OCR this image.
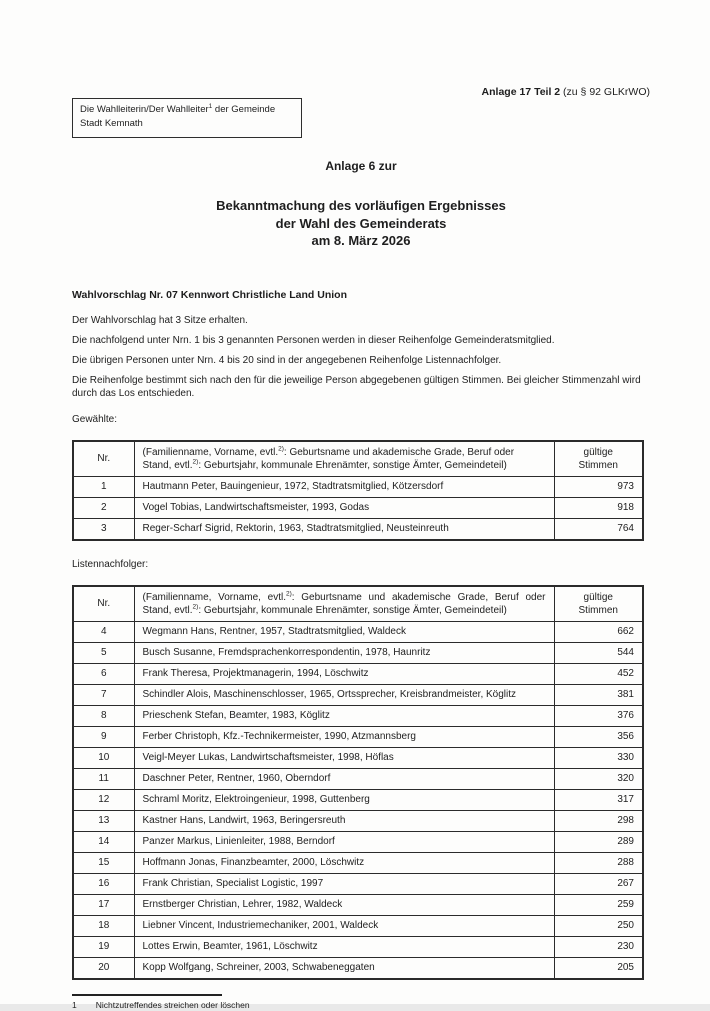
Anlage 17 Teil 2 (zu § 92 GLKrWO)
Die Wahlleiterin/Der Wahlleiter$^1$ der Gemeinde
Stadt Kemnath
Anlage 6 zur
Bekanntmachung des vorläufigen Ergebnisses
der Wahl des Gemeinderats
am 8. März 2026
Wahlvorschlag Nr. 07 Kennwort Christliche Land Union

Der Wahlvorschlag hat 3 Sitze erhalten.

Die nachfolgend unter Nrn. 1 bis 3 genannten Personen werden in dieser Reihenfolge Gemeinderatsmitglied.

Die übrigen Personen unter Nrn. 4 bis 20 sind in der angegebenen Reihenfolge Listennachfolger.

Die Reihenfolge bestimmt sich nach den für die jeweilige Person abgegebenen gültigen Stimmen. Bei gleicher Stimmenzahl wird durch das Los entschieden.

Gewählte:
Nr.	(Familienname, Vorname, evtl.$^{2)}$: Geburtsname und akademische Grade, Beruf oder Stand, evtl.$^{2)}$: Geburtsjahr, kommunale Ehrenämter, sonstige Ämter, Gemeindeteil)	gültige
Stimmen
1	Hautmann Peter, Bauingenieur, 1972, Stadtratsmitglied, Kötzersdorf	973
2	Vogel Tobias, Landwirtschaftsmeister, 1993, Godas	918
3	Reger-Scharf Sigrid, Rektorin, 1963, Stadtratsmitglied, Neusteinreuth	764
Listennachfolger:
Nr.	(Familienname, Vorname, evtl.$^{2)}$: Geburtsname und akademische Grade, Beruf oder Stand, evtl.$^{2)}$: Geburtsjahr, kommunale Ehrenämter, sonstige Ämter, Gemeindeteil)	gültige
Stimmen
4	Wegmann Hans, Rentner, 1957, Stadtratsmitglied, Waldeck	662
5	Busch Susanne, Fremdsprachenkorrespondentin, 1978, Haunritz	544
6	Frank Theresa, Projektmanagerin, 1994, Löschwitz	452
7	Schindler Alois, Maschinenschlosser, 1965, Ortssprecher, Kreisbrandmeister, Köglitz	381
8	Prieschenk Stefan, Beamter, 1983, Köglitz	376
9	Ferber Christoph, Kfz.-Technikermeister, 1990, Atzmannsberg	356
10	Veigl-Meyer Lukas, Landwirtschaftsmeister, 1998, Höflas	330
11	Daschner Peter, Rentner, 1960, Oberndorf	320
12	Schraml Moritz, Elektroingenieur, 1998, Guttenberg	317
13	Kastner Hans, Landwirt, 1963, Beringersreuth	298
14	Panzer Markus, Linienleiter, 1988, Berndorf	289
15	Hoffmann Jonas, Finanzbeamter, 2000, Löschwitz	288
16	Frank Christian, Specialist Logistic, 1997	267
17	Ernstberger Christian, Lehrer, 1982, Waldeck	259
18	Liebner Vincent, Industriemechaniker, 2001, Waldeck	250
19	Lottes Erwin, Beamter, 1961, Löschwitz	230
20	Kopp Wolfgang, Schreiner, 2003, Schwabeneggaten	205
1 Nichtzutreffendes streichen oder löschen
